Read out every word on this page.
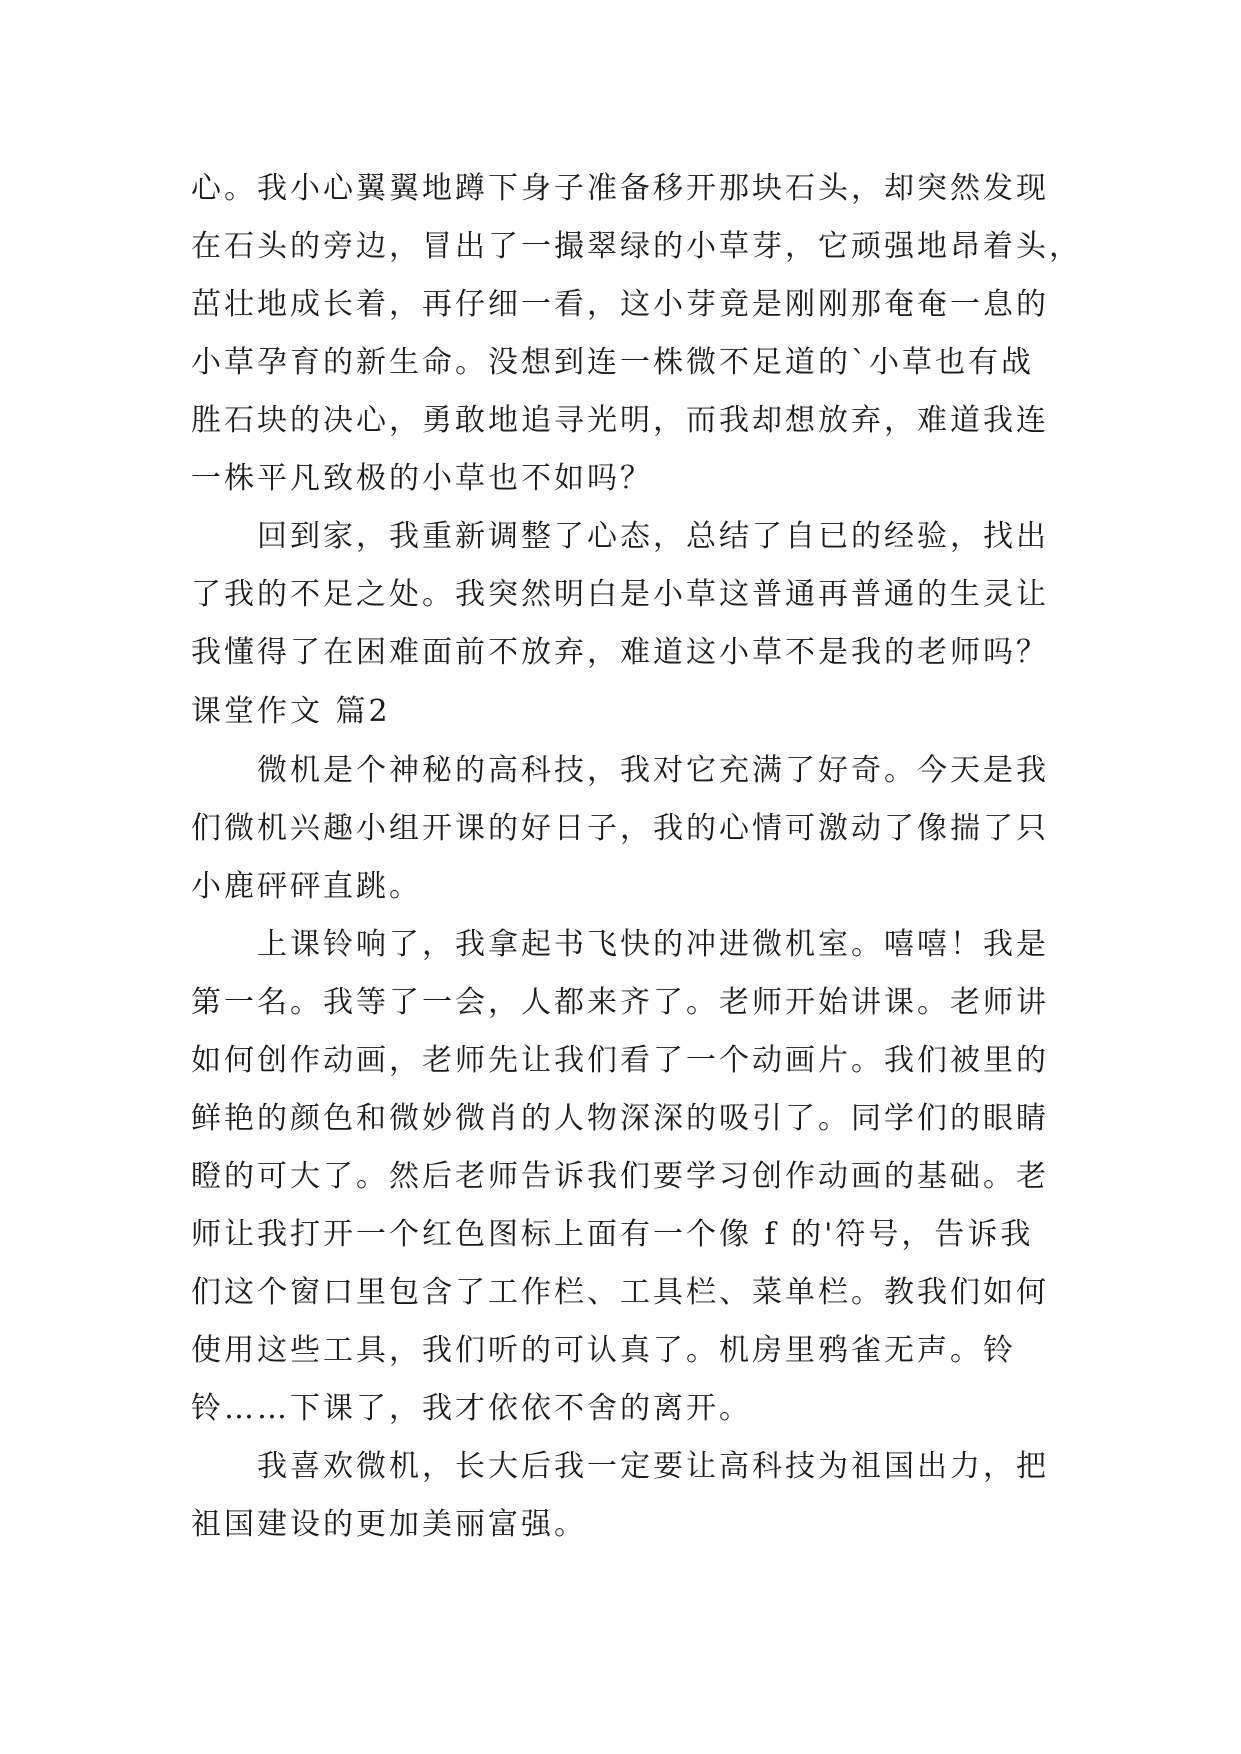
心。我小心翼翼地蹲下身子准备移开那块石头，却突然发现
在石头的旁边，冒出了一撮翠绿的小草芽，它顽强地昂着头，
茁壮地成长着，再仔细一看，这小芽竟是刚刚那奄奄一息的
小草孕育的新生命。没想到连一株微不足道的`小草也有战
胜石块的决心，勇敢地追寻光明，而我却想放弃，难道我连
一株平凡致极的小草也不如吗？
回到家，我重新调整了心态，总结了自已的经验，找出
了我的不足之处。我突然明白是小草这普通再普通的生灵让
我懂得了在困难面前不放弃，难道这小草不是我的老师吗？
课堂作文 篇2
微机是个神秘的高科技，我对它充满了好奇。今天是我
们微机兴趣小组开课的好日子，我的心情可激动了像揣了只
小鹿砰砰直跳。
上课铃响了，我拿起书飞快的冲进微机室。嘻嘻！我是
第一名。我等了一会，人都来齐了。老师开始讲课。老师讲
如何创作动画，老师先让我们看了一个动画片。我们被里的
鲜艳的颜色和微妙微肖的人物深深的吸引了。同学们的眼睛
瞪的可大了。然后老师告诉我们要学习创作动画的基础。老
师让我打开一个红色图标上面有一个像 f 的'符号，告诉我
们这个窗口里包含了工作栏、工具栏、菜单栏。教我们如何
使用这些工具，我们听的可认真了。机房里鸦雀无声。铃
铃……下课了，我才依依不舍的离开。
我喜欢微机，长大后我一定要让高科技为祖国出力，把
祖国建设的更加美丽富强。
